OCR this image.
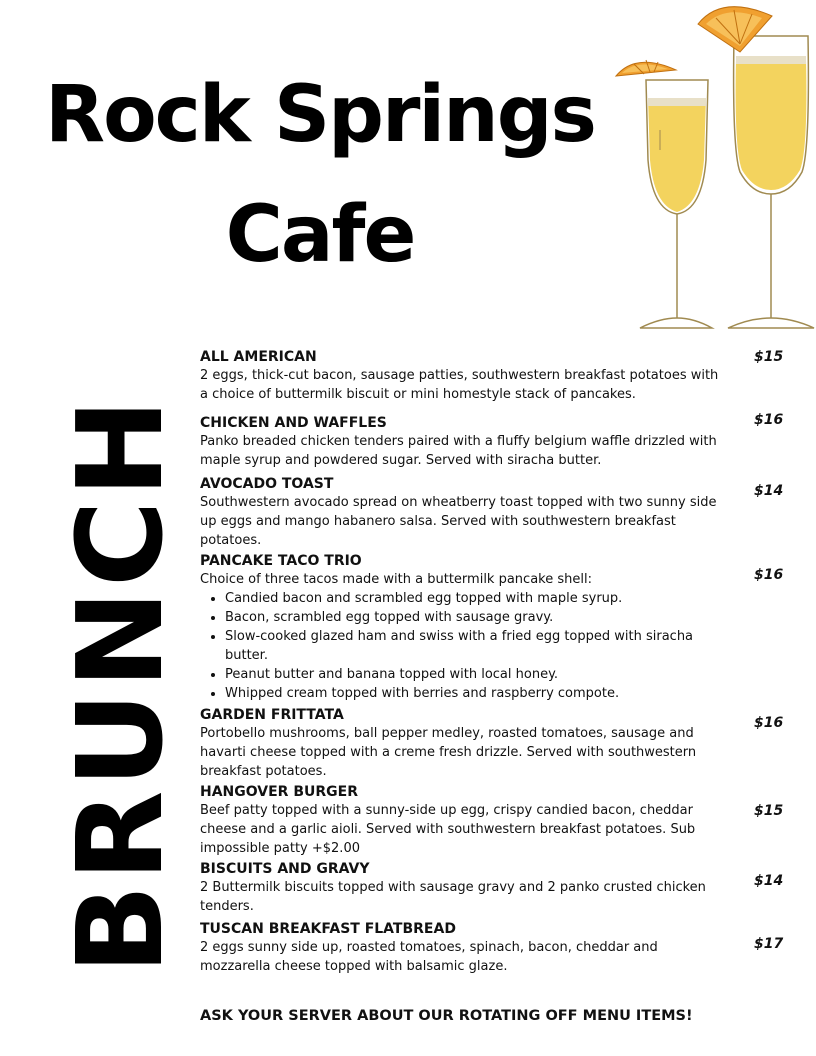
Rock Springs
Cafe
BRUNCH
ALL AMERICAN

2 eggs, thick-cut bacon, sausage patties, southwestern breakfast potatoes with a choice of buttermilk biscuit or mini homestyle stack of pancakes.

CHICKEN AND WAFFLES

Panko breaded chicken tenders paired with a fluffy belgium waffle drizzled with maple syrup and powdered sugar. Served with siracha butter.

AVOCADO TOAST

Southwestern avocado spread on wheatberry toast topped with two sunny side up eggs and mango habanero salsa. Served with southwestern breakfast potatoes.

PANCAKE TACO TRIO

Choice of three tacos made with a buttermilk pancake shell:

• Candied bacon and scrambled egg topped with maple syrup.
• Bacon, scrambled egg topped with sausage gravy.
• Slow-cooked glazed ham and swiss with a fried egg topped with siracha butter.
• Peanut butter and banana topped with local honey.
• Whipped cream topped with berries and raspberry compote.
GARDEN FRITTATA

Portobello mushrooms, ball pepper medley, roasted tomatoes, sausage and havarti cheese topped with a creme fresh drizzle. Served with southwestern breakfast potatoes.

HANGOVER BURGER

Beef patty topped with a sunny-side up egg, crispy candied bacon, cheddar cheese and a garlic aioli. Served with southwestern breakfast potatoes. Sub impossible patty +$2.00

BISCUITS AND GRAVY

2 Buttermilk biscuits topped with sausage gravy and 2 panko crusted chicken tenders.

TUSCAN BREAKFAST FLATBREAD

2 eggs sunny side up, roasted tomatoes, spinach, bacon, cheddar and mozzarella cheese topped with balsamic glaze.

$15
$16
$14
$16
$16
$15
$14
$17
ASK YOUR SERVER ABOUT OUR ROTATING OFF MENU ITEMS!
